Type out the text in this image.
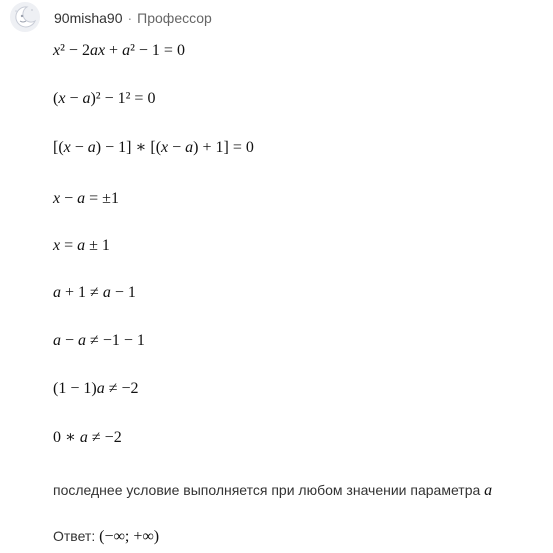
90misha90 · Профессор
x² − 2ax + a² − 1 = 0
(x − a)² − 1² = 0
[(x − a) − 1] ∗ [(x − a) + 1] = 0
x − a = ±1
x = a ± 1
a + 1 ≠ a − 1
a − a ≠ −1 − 1
(1 − 1)a ≠ −2
0 ∗ a ≠ −2
последнее условие выполняется при любом значении параметра a
Ответ: (−∞; +∞)
